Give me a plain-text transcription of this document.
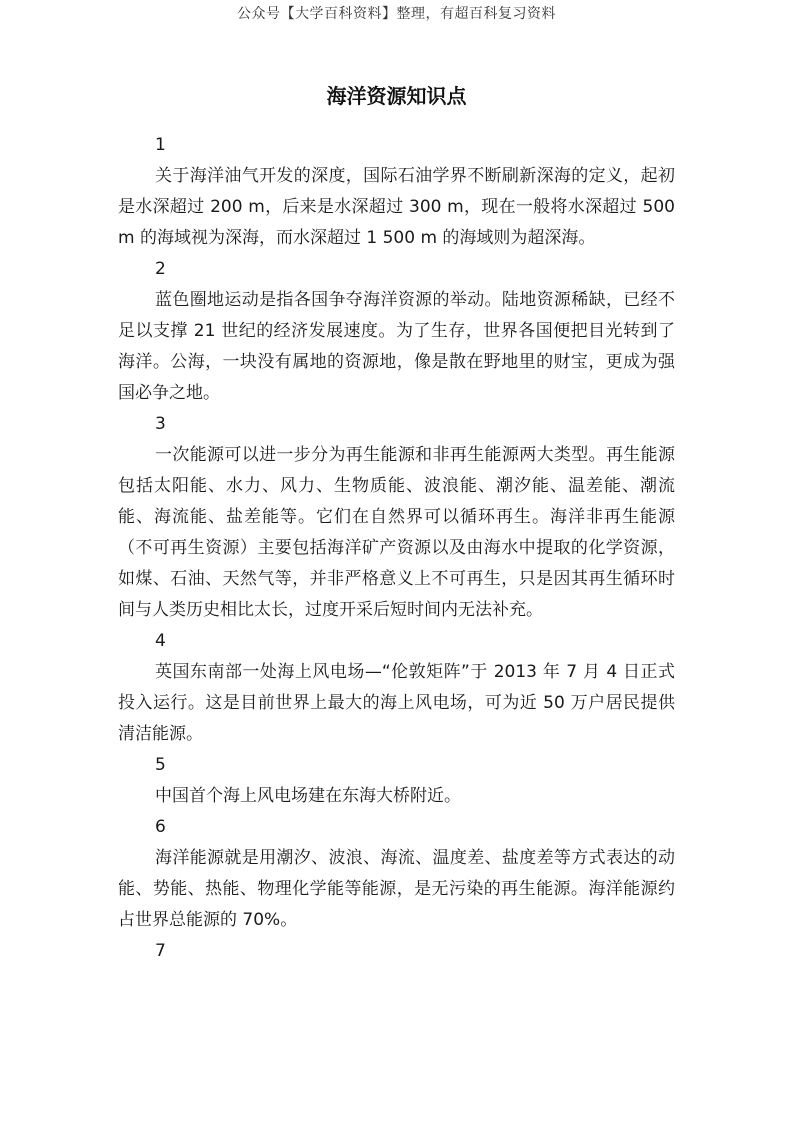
公众号【大学百科资料】整理，有超百科复习资料
海洋资源知识点
1

关于海洋油气开发的深度，国际石油学界不断刷新深海的定义，起初是水深超过 200 m，后来是水深超过 300 m，现在一般将水深超过 500 m 的海域视为深海，而水深超过 1 500 m 的海域则为超深海。

2

蓝色圈地运动是指各国争夺海洋资源的举动。陆地资源稀缺，已经不足以支撑 21 世纪的经济发展速度。为了生存，世界各国便把目光转到了海洋。公海，一块没有属地的资源地，像是散在野地里的财宝，更成为强国必争之地。

3

一次能源可以进一步分为再生能源和非再生能源两大类型。再生能源包括太阳能、水力、风力、生物质能、波浪能、潮汐能、温差能、潮流能、海流能、盐差能等。它们在自然界可以循环再生。海洋非再生能源（不可再生资源）主要包括海洋矿产资源以及由海水中提取的化学资源，如煤、石油、天然气等，并非严格意义上不可再生，只是因其再生循环时间与人类历史相比太长，过度开采后短时间内无法补充。

4

英国东南部一处海上风电场—“伦敦矩阵”于 2013 年 7 月 4 日正式投入运行。这是目前世界上最大的海上风电场，可为近 50 万户居民提供清洁能源。

5

中国首个海上风电场建在东海大桥附近。

6

海洋能源就是用潮汐、波浪、海流、温度差、盐度差等方式表达的动能、势能、热能、物理化学能等能源，是无污染的再生能源。海洋能源约占世界总能源的 70%。

7
